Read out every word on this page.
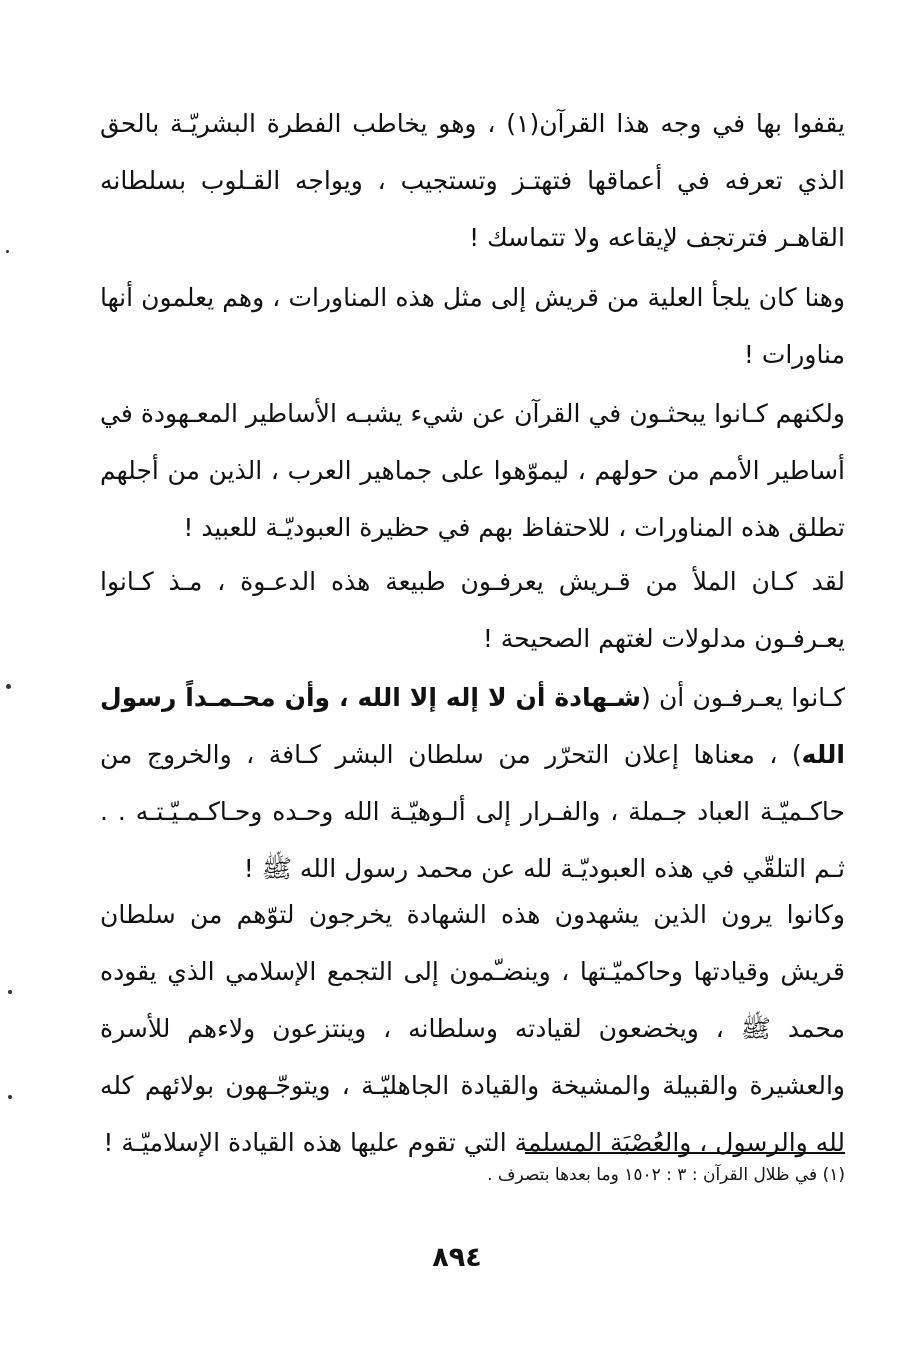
يقفوا بها في وجه هذا القرآن(١) ، وهو يخاطب الفطرة البشريّـة بالحق الذي تعرفه في أعماقها فتهتـز وتستجيب ، ويواجه القـلوب بسلطانه القاهـر فترتجف لإيقاعه ولا تتماسك !

وهنا كان يلجأ العلية من قريش إلى مثل هذه المناورات ، وهم يعلمون أنها مناورات !

ولكنهم كـانوا يبحثـون في القرآن عن شيء يشبـه الأساطير المعـهودة في أساطير الأمم من حولهم ، ليموّهوا على جماهير العرب ، الذين من أجلهم تطلق هذه المناورات ، للاحتفاظ بهم في حظيرة العبوديّـة للعبيد !

لقد كـان الملأ من قـريش يعرفـون طبيعة هذه الدعـوة ، مـذ كـانوا يعـرفـون مدلولات لغتهم الصحيحة !

كـانوا يعـرفـون أن (شـهادة أن لا إله إلا الله ، وأن محـمـداً رسول الله) ، معناها إعلان التحرّر من سلطان البشر كـافة ، والخروج من حاكـميّـة العباد جـملة ، والفـرار إلى ألـوهيّـة الله وحـده وحـاكـمـيّـتـه . . ثـم التلقّي في هذه العبوديّـة لله عن محمد رسول الله ﷺ !

وكانوا يرون الذين يشهدون هذه الشهادة يخرجون لتوّهم من سلطان قريش وقيادتها وحاكميّـتها ، وينضـّمون إلى التجمع الإسلامي الذي يقوده محمد ﷺ ، ويخضعون لقيادته وسلطانه ، وينتزعون ولاءهم للأسرة والعشيرة والقبيلة والمشيخة والقيادة الجاهليّـة ، ويتوجّـهون بولائهم كله لله والرسول ، والعُصْبَة المسلمة التي تقوم عليها هذه القيادة الإسلاميّـة !

(١) في ظلال القرآن : ٣ : ١٥٠٢ وما بعدها بتصرف .
٨٩٤
